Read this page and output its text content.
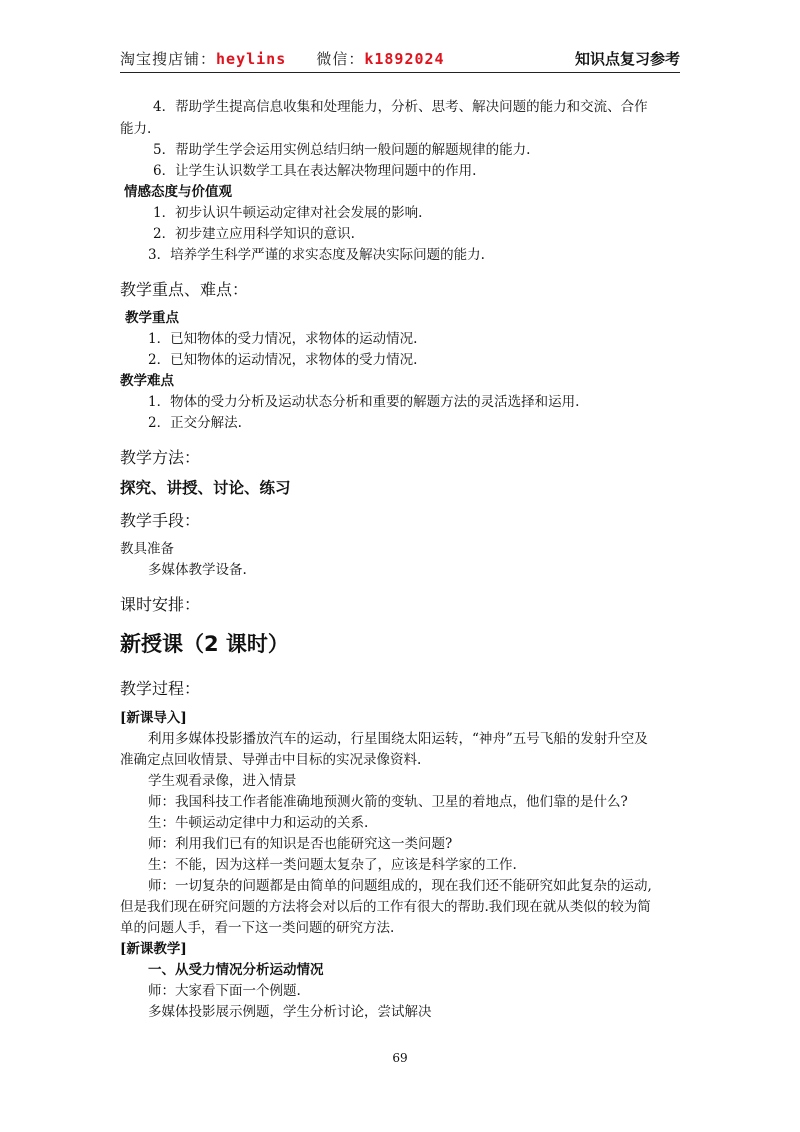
淘宝搜店铺：heylins 微信：k1892024	知识点复习参考
4．帮助学生提高信息收集和处理能力，分析、思考、解决问题的能力和交流、合作
能力.
5．帮助学生学会运用实例总结归纳一般问题的解题规律的能力.
6．让学生认识数学工具在表达解决物理问题中的作用.
情感态度与价值观
1．初步认识牛顿运动定律对社会发展的影响.
2．初步建立应用科学知识的意识.
3．培养学生科学严谨的求实态度及解决实际问题的能力.
教学重点、难点：
教学重点
1．已知物体的受力情况，求物体的运动情况.
2．已知物体的运动情况，求物体的受力情况.
教学难点
1．物体的受力分析及运动状态分析和重要的解题方法的灵活选择和运用.
2．正交分解法.
教学方法：
探究、讲授、讨论、练习
教学手段：
教具准备
多媒体教学设备.
课时安排：
新授课（2 课时）
教学过程：
[新课导入]
利用多媒体投影播放汽车的运动，行星围绕太阳运转，“神舟”五号飞船的发射升空及
准确定点回收情景、导弹击中目标的实况录像资料.
学生观看录像，进入情景
师：我国科技工作者能准确地预测火箭的变轨、卫星的着地点，他们靠的是什么?
生：牛顿运动定律中力和运动的关系.
师：利用我们已有的知识是否也能研究这一类问题?
生：不能，因为这样一类问题太复杂了，应该是科学家的工作.
师：一切复杂的问题都是由简单的问题组成的，现在我们还不能研究如此复杂的运动,
但是我们现在研究问题的方法将会对以后的工作有很大的帮助.我们现在就从类似的较为简
单的问题人手，看一下这一类问题的研究方法.
[新课教学]
一、从受力情况分析运动情况
师：大家看下面一个例题.
多媒体投影展示例题，学生分析讨论，尝试解决
69
